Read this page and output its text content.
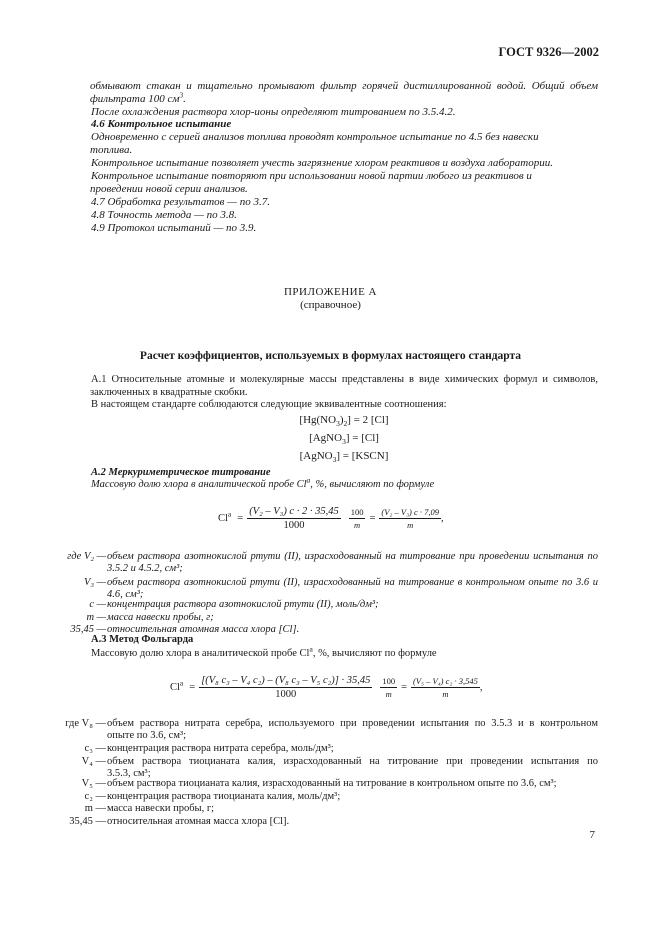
ГОСТ 9326—2002
обмывают стакан и тщательно промывают фильтр горячей дистиллированной водой. Общий объем
фильтрата 100 $см^3$.
После охлаждения раствора хлор-ионы определяют титрованием по 3.5.4.2.
4.6 Контрольное испытание
Одновременно с серией анализов топлива проводят контрольное испытание по 4.5 без навески
топлива.
Контрольное испытание позволяет учесть загрязнение хлором реактивов и воздуха лаборатории.
Контрольное испытание повторяют при использовании новой партии любого из реактивов и
проведении новой серии анализов.
4.7 Обработка результатов — по 3.7.
4.8 Точность метода — по 3.8.
4.9 Протокол испытаний — по 3.9.
ПРИЛОЖЕНИЕ А
(справочное)
Расчет коэффициентов, используемых в формулах настоящего стандарта
А.1 Относительные атомные и молекулярные массы представлены в виде химических формул и символов,
заключенных в квадратные скобки.
В настоящем стандарте соблюдаются следующие эквивалентные соотношения:
$[Hg(NO_3)_2] = 2$ [Cl]
[AgNO$_3$] = [Cl]
[AgNO$_3$] = [KSCN]
А.2 Меркуриметрическое титрование
Массовую долю хлора в аналитической пробе Cl$^a$, %, вычисляют по формуле
$Cl^a = \frac{\text{(V₂ – V₃) c · 2 · 35,45}}{1000} \frac{100}{m} = \frac{\text{(V₂ – V₃) c · 7,09}}{m}$ ,
где V₂ — объем раствора азотнокислой ртути (II), израсходованный на титрование при проведении испытания по
3.5.2 и 4.5.2, см³;
V₃ — объем раствора азотнокислой ртути (II), израсходованный на титрование в контрольном опыте по 3.6 и
4.6, см³;
c — концентрация раствора азотнокислой ртути (II), моль/дм³;
m — масса навески пробы, г;
35,45 — относительная атомная масса хлора [Cl].
А.3 Метод Фольгарда
Массовую долю хлора в аналитической пробе Cl$^a$, %, вычисляют по формуле
$Cl^a = \frac{\text{[(V₈ c₃ – V₄ c₂) – (V₈ c₃ – V₅ c₂)] · 35,45}}{1000} \frac{100}{m} = \frac{\text{(V₅ – V₄) c₂ · 3,545}}{m}$ ,
где V₈ — объем раствора нитрата серебра, используемого при проведении испытания по 3.5.3 и в контрольном
опыте по 3.6, см³;
c₃ — концентрация раствора нитрата серебра, моль/дм³;
V₄ — объем раствора тиоцианата калия, израсходованный на титрование при проведении испытания по
3.5.3, см³;
V₅ — объем раствора тиоцианата калия, израсходованный на титрование в контрольном опыте по 3.6, см³;
c₂ — концентрация раствора тиоцианата калия, моль/дм³;
m — масса навески пробы, г;
35,45 — относительная атомная масса хлора [Cl].
7
